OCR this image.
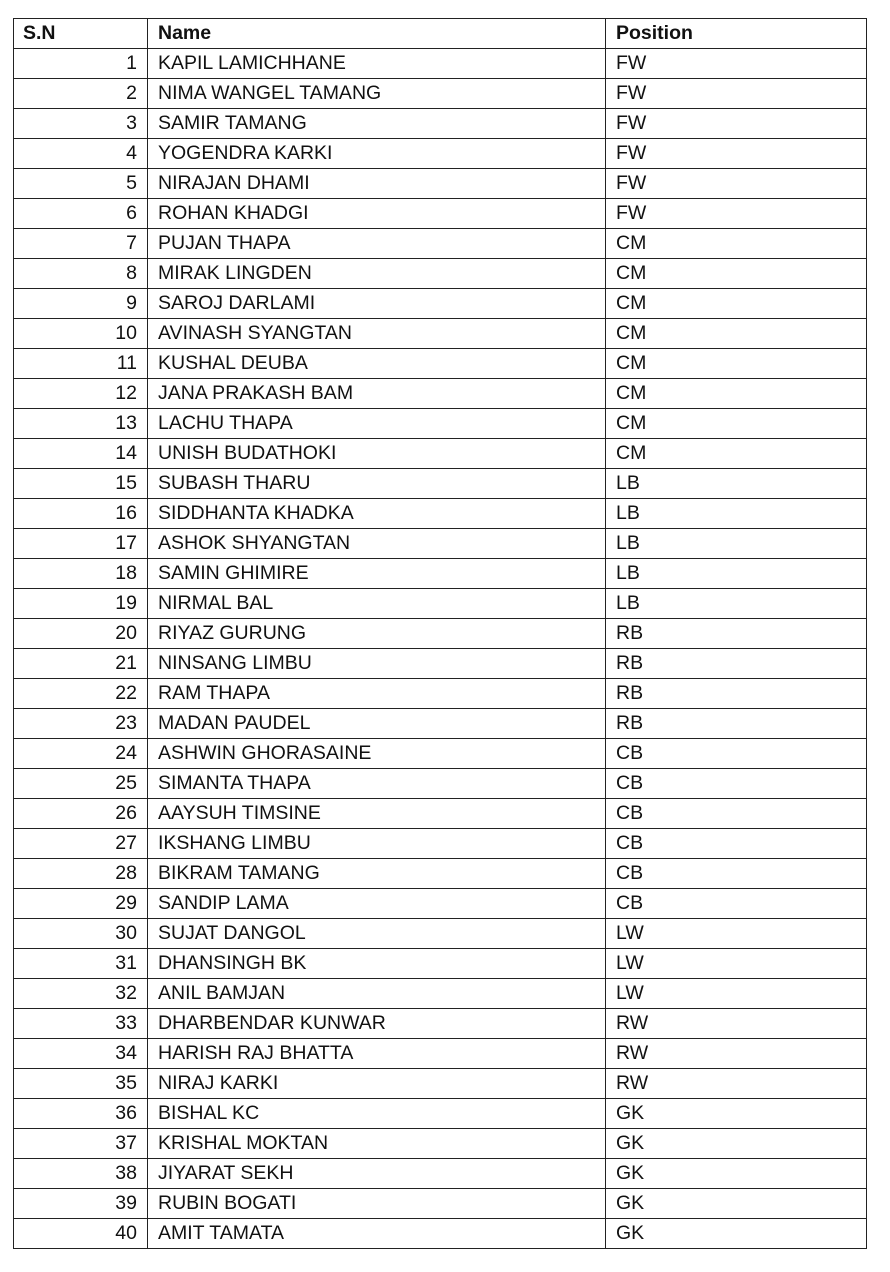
S.N	Name	Position
1	KAPIL LAMICHHANE	FW
2	NIMA WANGEL TAMANG	FW
3	SAMIR TAMANG	FW
4	YOGENDRA KARKI	FW
5	NIRAJAN DHAMI	FW
6	ROHAN KHADGI	FW
7	PUJAN THAPA	CM
8	MIRAK LINGDEN	CM
9	SAROJ DARLAMI	CM
10	AVINASH SYANGTAN	CM
11	KUSHAL DEUBA	CM
12	JANA PRAKASH BAM	CM
13	LACHU THAPA	CM
14	UNISH BUDATHOKI	CM
15	SUBASH THARU	LB
16	SIDDHANTA KHADKA	LB
17	ASHOK SHYANGTAN	LB
18	SAMIN GHIMIRE	LB
19	NIRMAL BAL	LB
20	RIYAZ GURUNG	RB
21	NINSANG LIMBU	RB
22	RAM THAPA	RB
23	MADAN PAUDEL	RB
24	ASHWIN GHORASAINE	CB
25	SIMANTA THAPA	CB
26	AAYSUH TIMSINE	CB
27	IKSHANG LIMBU	CB
28	BIKRAM TAMANG	CB
29	SANDIP LAMA	CB
30	SUJAT DANGOL	LW
31	DHANSINGH BK	LW
32	ANIL BAMJAN	LW
33	DHARBENDAR KUNWAR	RW
34	HARISH RAJ BHATTA	RW
35	NIRAJ KARKI	RW
36	BISHAL KC	GK
37	KRISHAL MOKTAN	GK
38	JIYARAT SEKH	GK
39	RUBIN BOGATI	GK
40	AMIT TAMATA	GK
